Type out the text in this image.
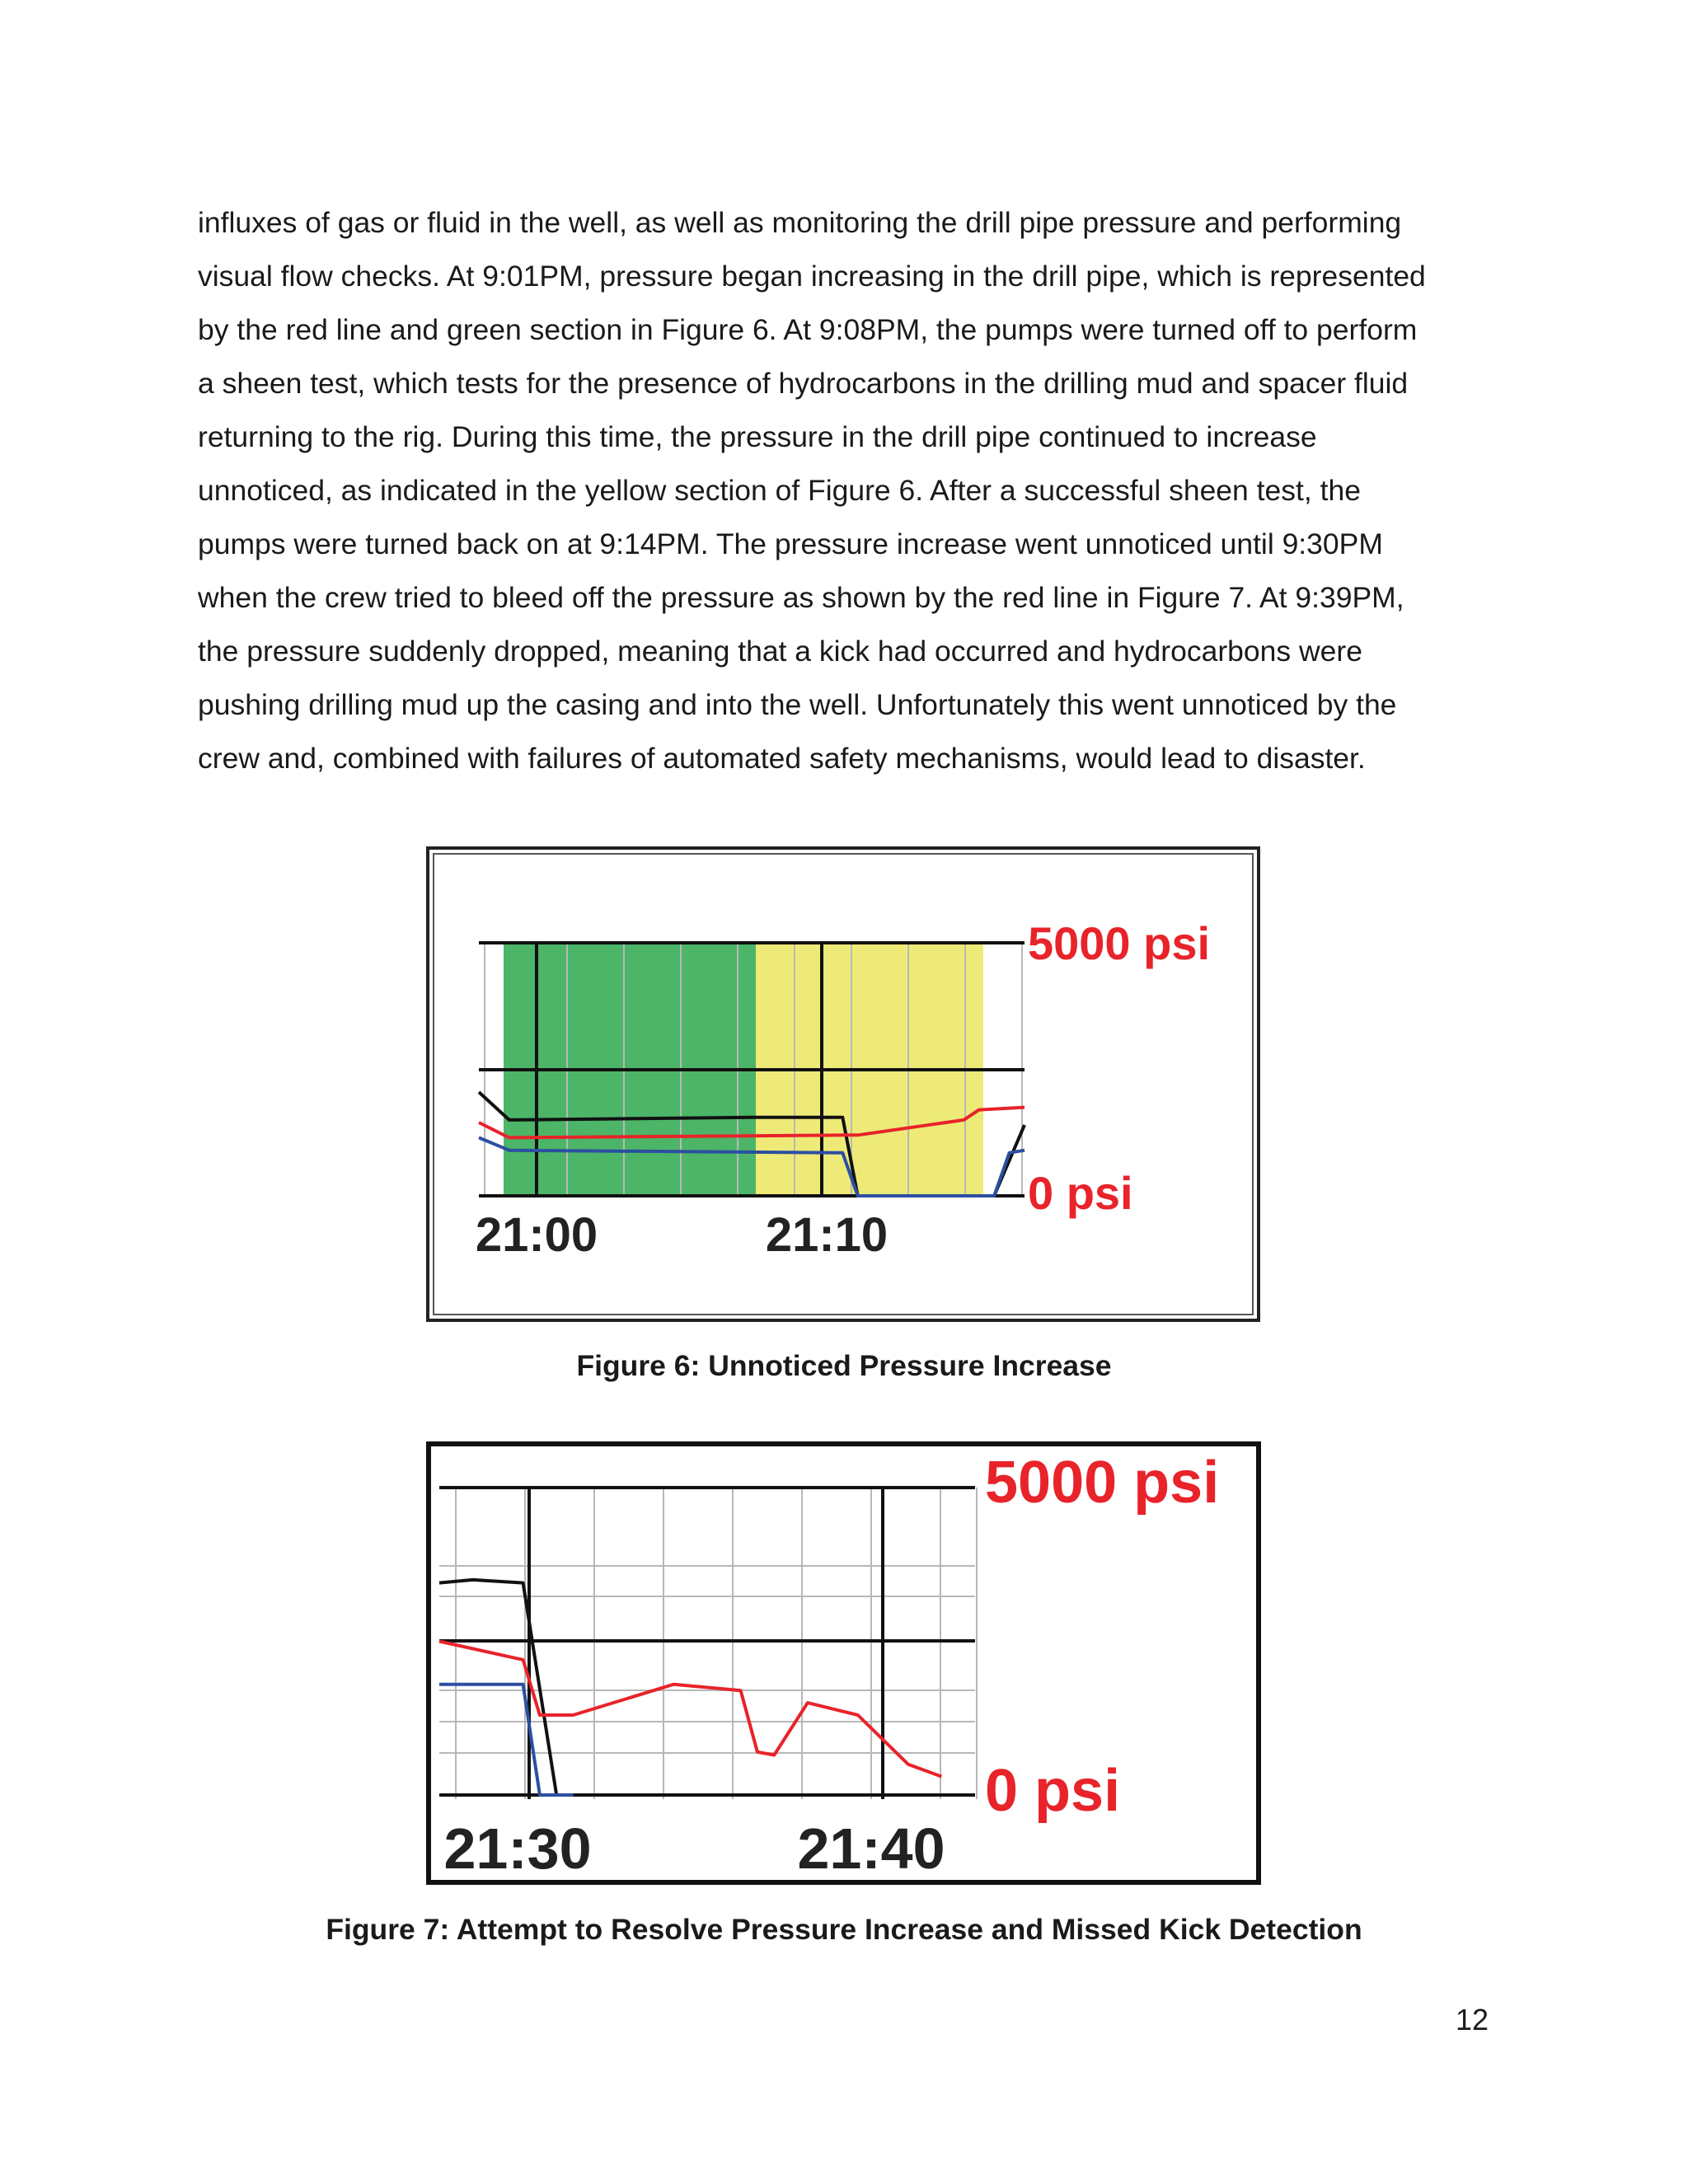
influxes of gas or fluid in the well, as well as monitoring the drill pipe pressure and performing
visual flow checks. At 9:01PM, pressure began increasing in the drill pipe, which is represented
by the red line and green section in Figure 6. At 9:08PM, the pumps were turned off to perform
a sheen test, which tests for the presence of hydrocarbons in the drilling mud and spacer fluid
returning to the rig. During this time, the pressure in the drill pipe continued to increase
unnoticed, as indicated in the yellow section of Figure 6. After a successful sheen test, the
pumps were turned back on at 9:14PM. The pressure increase went unnoticed until 9:30PM
when the crew tried to bleed off the pressure as shown by the red line in Figure 7. At 9:39PM,
the pressure suddenly dropped, meaning that a kick had occurred and hydrocarbons were
pushing drilling mud up the casing and into the well. Unfortunately this went unnoticed by the
crew and, combined with failures of automated safety mechanisms, would lead to disaster.
5000 psi
0 psi
21:00	21:10
Figure 6: Unnoticed Pressure Increase
5000 psi
0 psi
21:30	21:40
Figure 7: Attempt to Resolve Pressure Increase and Missed Kick Detection
12
